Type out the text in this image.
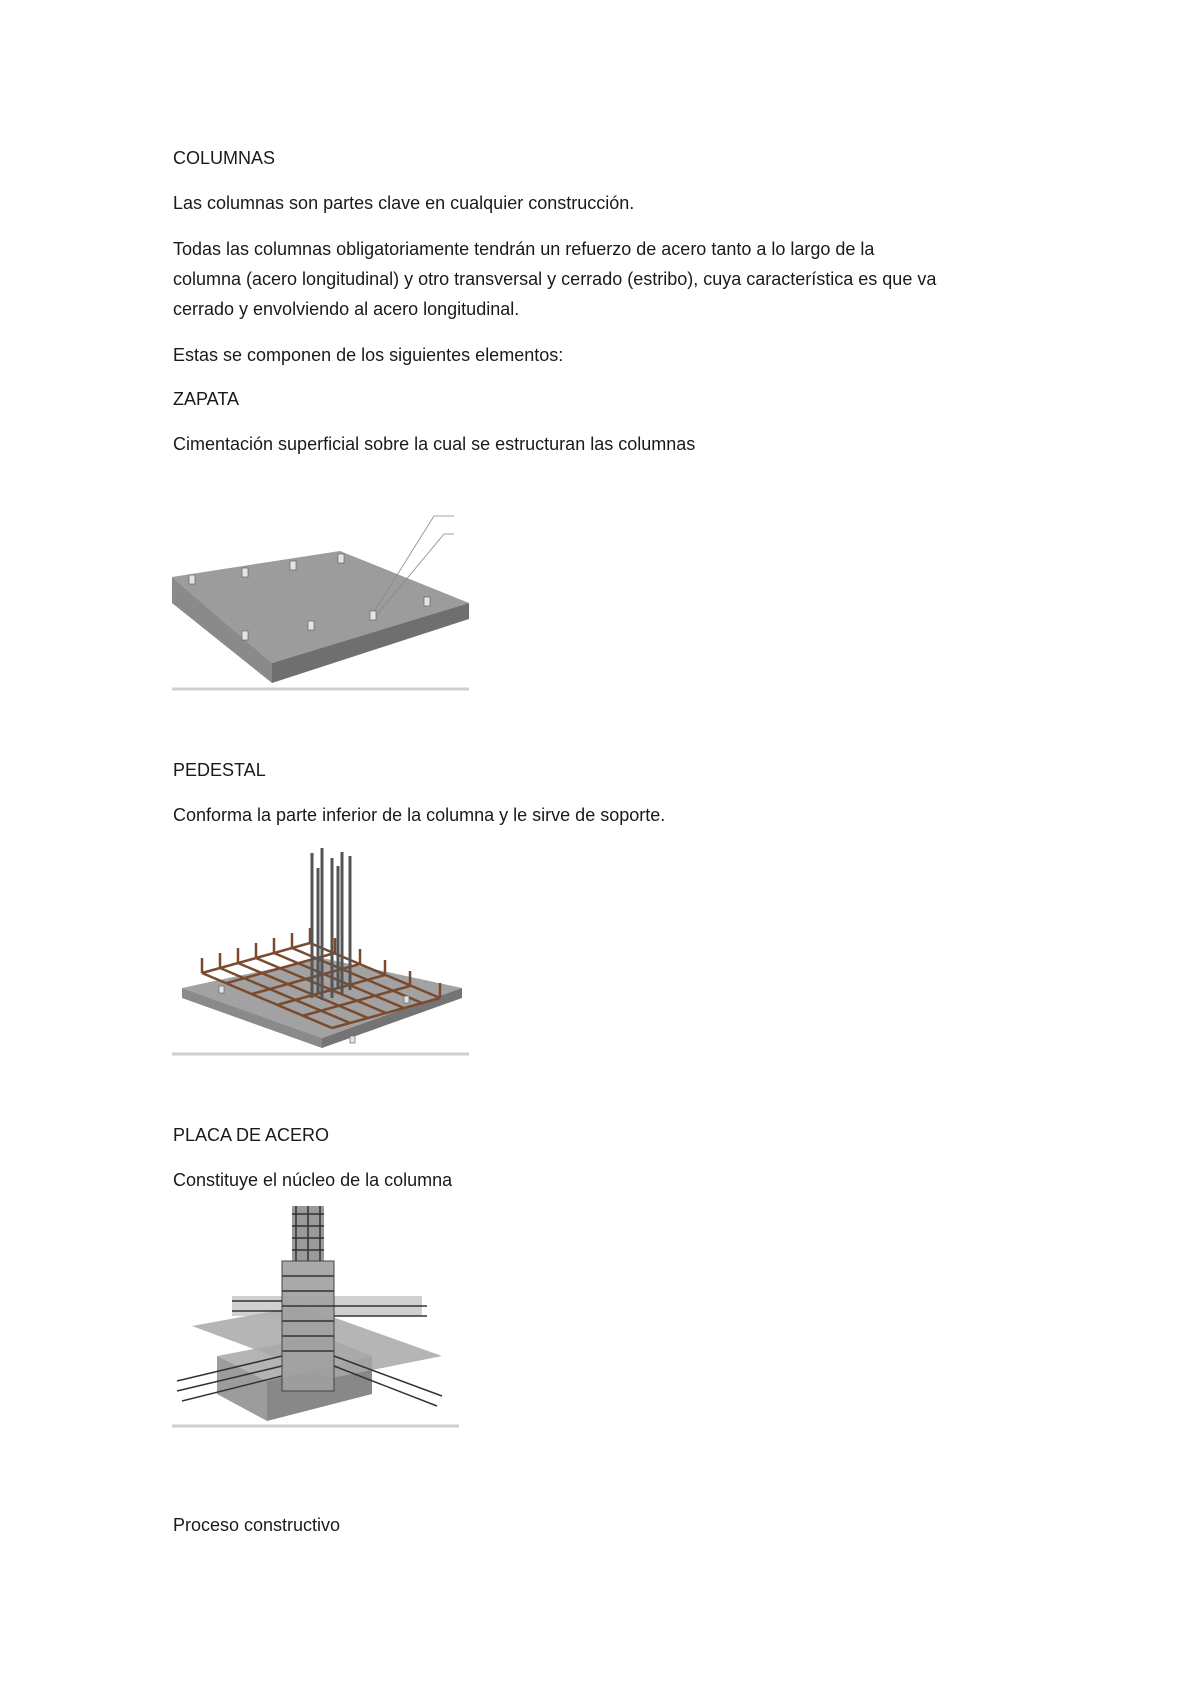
COLUMNAS
Las columnas son partes clave en cualquier construcción.
Todas las columnas obligatoriamente tendrán un refuerzo de acero tanto a lo largo de la
columna (acero longitudinal) y otro transversal y cerrado (estribo), cuya característica es que va
cerrado y envolviendo al acero longitudinal.
Estas se componen de los siguientes elementos:
ZAPATA
Cimentación superficial sobre la cual se estructuran las columnas
PEDESTAL
Conforma la parte inferior de la columna y le sirve de soporte.
PLACA DE ACERO
Constituye el núcleo de la columna
Proceso constructivo
